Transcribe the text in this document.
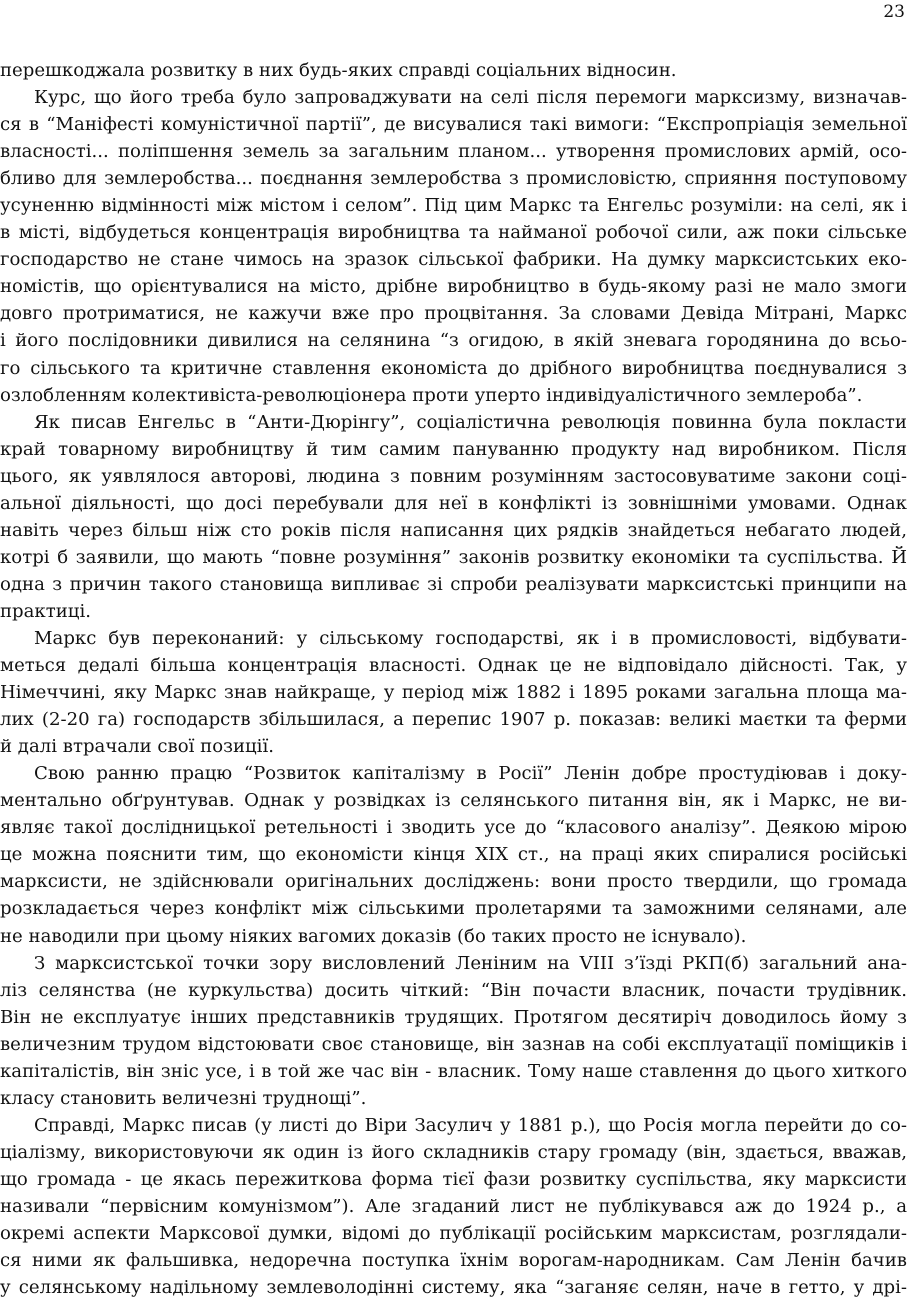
23
перешкоджала розвитку в них будь-яких справді соціальних відносин.
Курс, що його треба було запроваджувати на селі після перемоги марксизму, визначав-
ся в “Маніфесті комуністичної партії”, де висувалися такі вимоги: “Експропріація земельної
власності... поліпшення земель за загальним планом... утворення промислових армій, осо-
бливо для землеробства... поєднання землеробства з промисловістю, сприяння поступовому
усуненню відмінності між містом і селом”. Під цим Маркс та Енгельс розуміли: на селі, як і
в місті, відбудеться концентрація виробництва та найманої робочої сили, аж поки сільське
господарство не стане чимось на зразок сільської фабрики. На думку марксистських еко-
номістів, що орієнтувалися на місто, дрібне виробництво в будь-якому разі не мало змоги
довго протриматися, не кажучи вже про процвітання. За словами Девіда Мітрані, Маркс
і його послідовники дивилися на селянина “з огидою, в якій зневага городянина до всьо-
го сільського та критичне ставлення економіста до дрібного виробництва поєднувалися з
озлобленням колективіста-революціонера проти уперто індивідуалістичного землероба”.
Як писав Енгельс в “Анти-Дюрінгу”, соціалістична революція повинна була покласти
край товарному виробництву й тим самим пануванню продукту над виробником. Після
цього, як уявлялося авторові, людина з повним розумінням застосовуватиме закони соці-
альної діяльності, що досі перебували для неї в конфлікті із зовнішніми умовами. Однак
навіть через більш ніж сто років після написання цих рядків знайдеться небагато людей,
котрі б заявили, що мають “повне розуміння” законів розвитку економіки та суспільства. Й
одна з причин такого становища випливає зі спроби реалізувати марксистські принципи на
практиці.
Маркс був переконаний: у сільському господарстві, як і в промисловості, відбувати-
меться дедалі більша концентрація власності. Однак це не відповідало дійсності. Так, у
Німеччині, яку Маркс знав найкраще, у період між 1882 і 1895 роками загальна площа ма-
лих (2-20 га) господарств збільшилася, а перепис 1907 р. показав: великі маєтки та ферми
й далі втрачали свої позиції.
Свою ранню працю “Розвиток капіталізму в Росії” Ленін добре простудіював і доку-
ментально обґрунтував. Однак у розвідках із селянського питання він, як і Маркс, не ви-
являє такої дослідницької ретельності і зводить усе до “класового аналізу”. Деякою мірою
це можна пояснити тим, що економісти кінця XIX ст., на праці яких спиралися російські
марксисти, не здійснювали оригінальних досліджень: вони просто твердили, що громада
розкладається через конфлікт між сільськими пролетарями та заможними селянами, але
не наводили при цьому ніяких вагомих доказів (бо таких просто не існувало).
З марксистської точки зору висловлений Леніним на VIII з’їзді РКП(б) загальний ана-
ліз селянства (не куркульства) досить чіткий: “Він почасти власник, почасти трудівник.
Він не експлуатує інших представників трудящих. Протягом десятиріч доводилось йому з
величезним трудом відстоювати своє становище, він зазнав на собі експлуатації поміщиків і
капіталістів, він зніс усе, і в той же час він - власник. Тому наше ставлення до цього хиткого
класу становить величезні труднощі”.
Справді, Маркс писав (у листі до Віри Засулич у 1881 р.), що Росія могла перейти до со-
ціалізму, використовуючи як один із його складників стару громаду (він, здається, вважав,
що громада - це якась пережиткова форма тієї фази розвитку суспільства, яку марксисти
називали “первісним комунізмом”). Але згаданий лист не публікувався аж до 1924 р., а
окремі аспекти Марксової думки, відомі до публікації російським марксистам, розглядали-
ся ними як фальшивка, недоречна поступка їхнім ворогам-народникам. Сам Ленін бачив
у селянському надільному землеволодінні систему, яка “заганяє селян, наче в гетто, у дрі-
